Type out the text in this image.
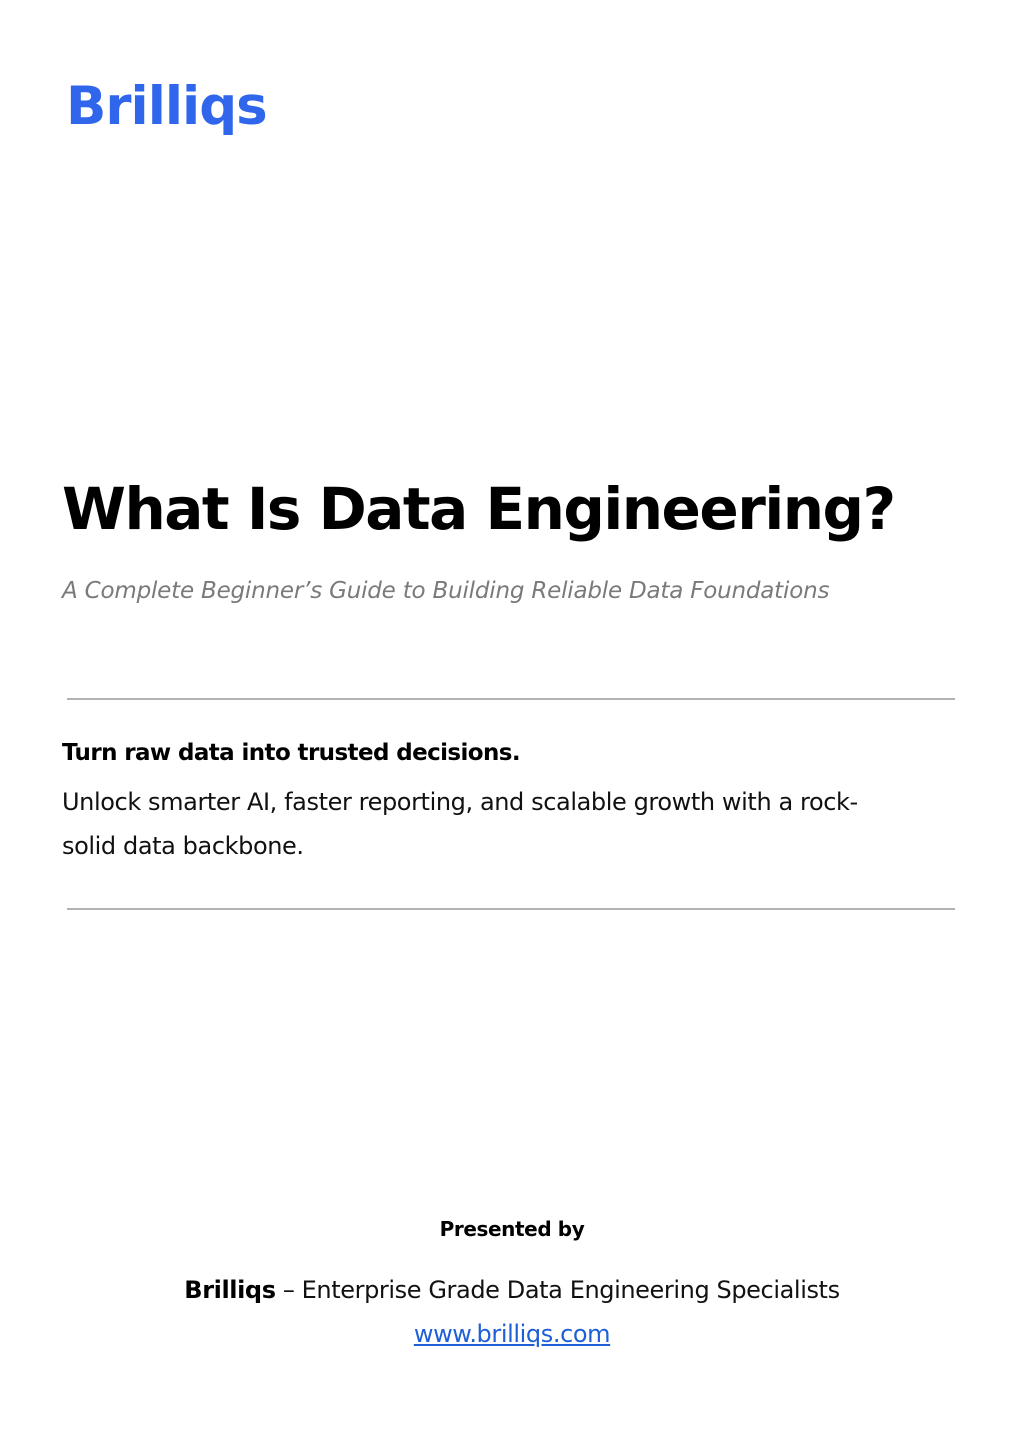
Brilliqs
What Is Data Engineering?
A Complete Beginner’s Guide to Building Reliable Data Foundations
Turn raw data into trusted decisions.
Unlock smarter AI, faster reporting, and scalable growth with a rock-solid data backbone.
Presented by
Brilliqs – Enterprise Grade Data Engineering Specialists
www.brilliqs.com
